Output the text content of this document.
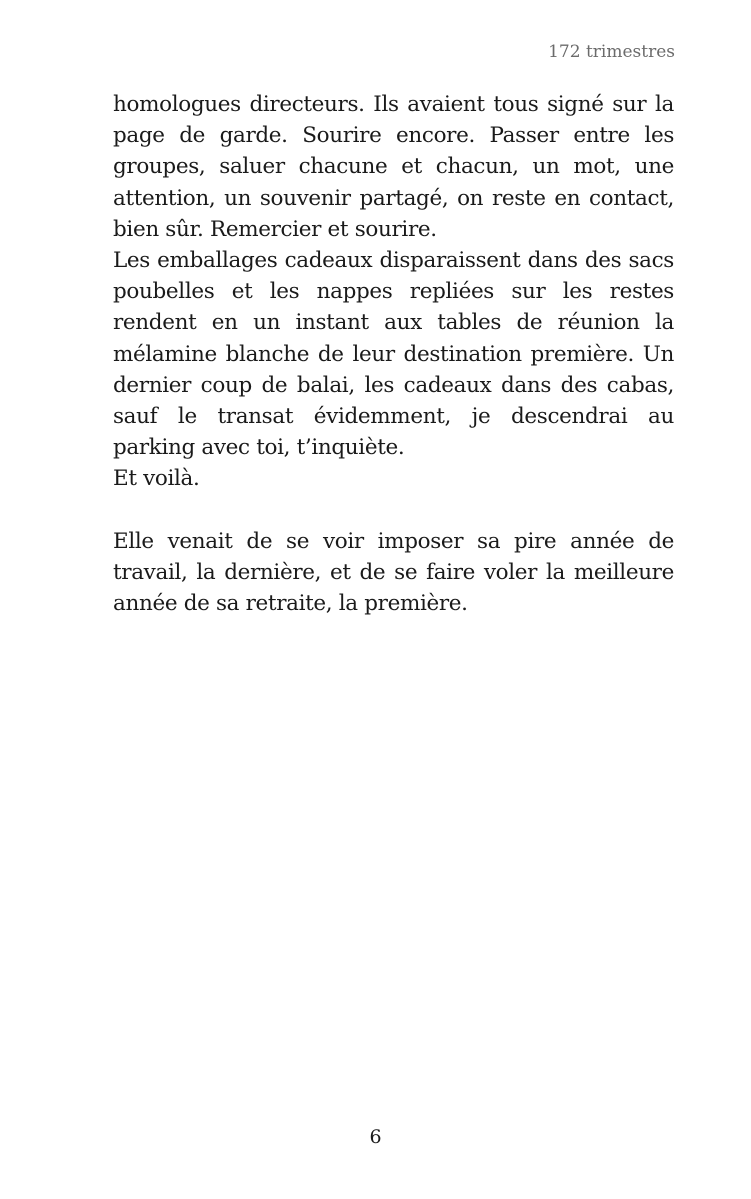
172 trimestres

homologues directeurs. Ils avaient tous signé sur la page de garde. Sourire encore. Passer entre les groupes, saluer chacune et chacun, un mot, une attention, un souvenir partagé, on reste en contact, bien sûr. Remercier et sourire.

Les emballages cadeaux disparaissent dans des sacs poubelles et les nappes repliées sur les restes rendent en un instant aux tables de réunion la mélamine blanche de leur destination première. Un dernier coup de balai, les cadeaux dans des cabas, sauf le transat évidemment, je descendrai au parking avec toi, t’inquiète.

Et voilà.

Elle venait de se voir imposer sa pire année de travail, la dernière, et de se faire voler la meilleure année de sa retraite, la première.

6
